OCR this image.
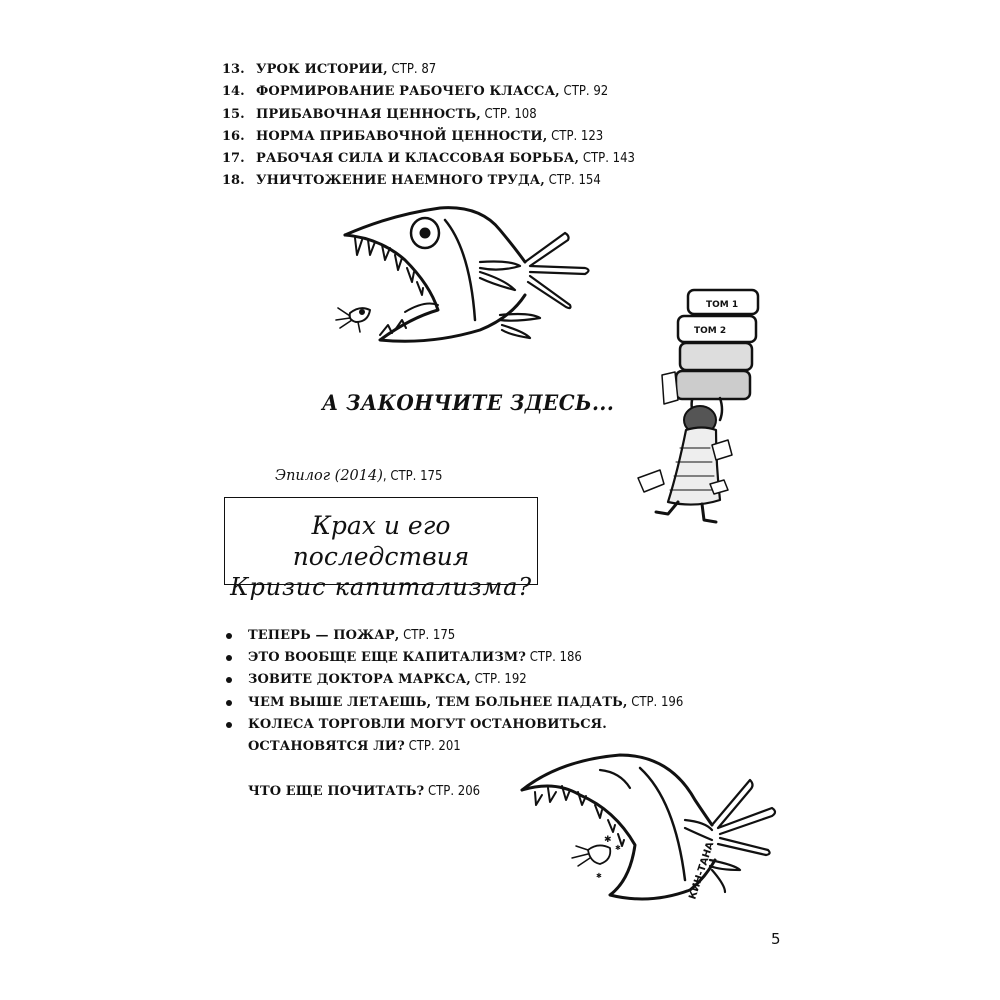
13. УРОК ИСТОРИИ, СТР. 87
14. ФОРМИРОВАНИЕ РАБОЧЕГО КЛАССА, СТР. 92
15. ПРИБАВОЧНАЯ ЦЕННОСТЬ, СТР. 108
16. НОРМА ПРИБАВОЧНОЙ ЦЕННОСТИ, СТР. 123
17. РАБОЧАЯ СИЛА И КЛАССОВАЯ БОРЬБА, СТР. 143
18. УНИЧТОЖЕНИЕ НАЕМНОГО ТРУДА, СТР. 154
ТОМ 1
ТОМ 2
А ЗАКОНЧИТЕ ЗДЕСЬ...
Эпилог (2014), СТР. 175
Крах и его последствия
Кризис капитализма?
ТЕПЕРЬ — ПОЖАР, СТР. 175
ЭТО ВООБЩЕ ЕЩЕ КАПИТАЛИЗМ? СТР. 186
ЗОВИТЕ ДОКТОРА МАРКСА, СТР. 192
ЧЕМ ВЫШЕ ЛЕТАЕШЬ, ТЕМ БОЛЬНЕЕ ПАДАТЬ, СТР. 196
КОЛЕСА ТОРГОВЛИ МОГУТ ОСТАНОВИТЬСЯ.
ОСТАНОВЯТСЯ ЛИ? СТР. 201
ЧТО ЕЩЕ ПОЧИТАТЬ? СТР. 206
✱
✱
✱	КИН-ТАНА
5
